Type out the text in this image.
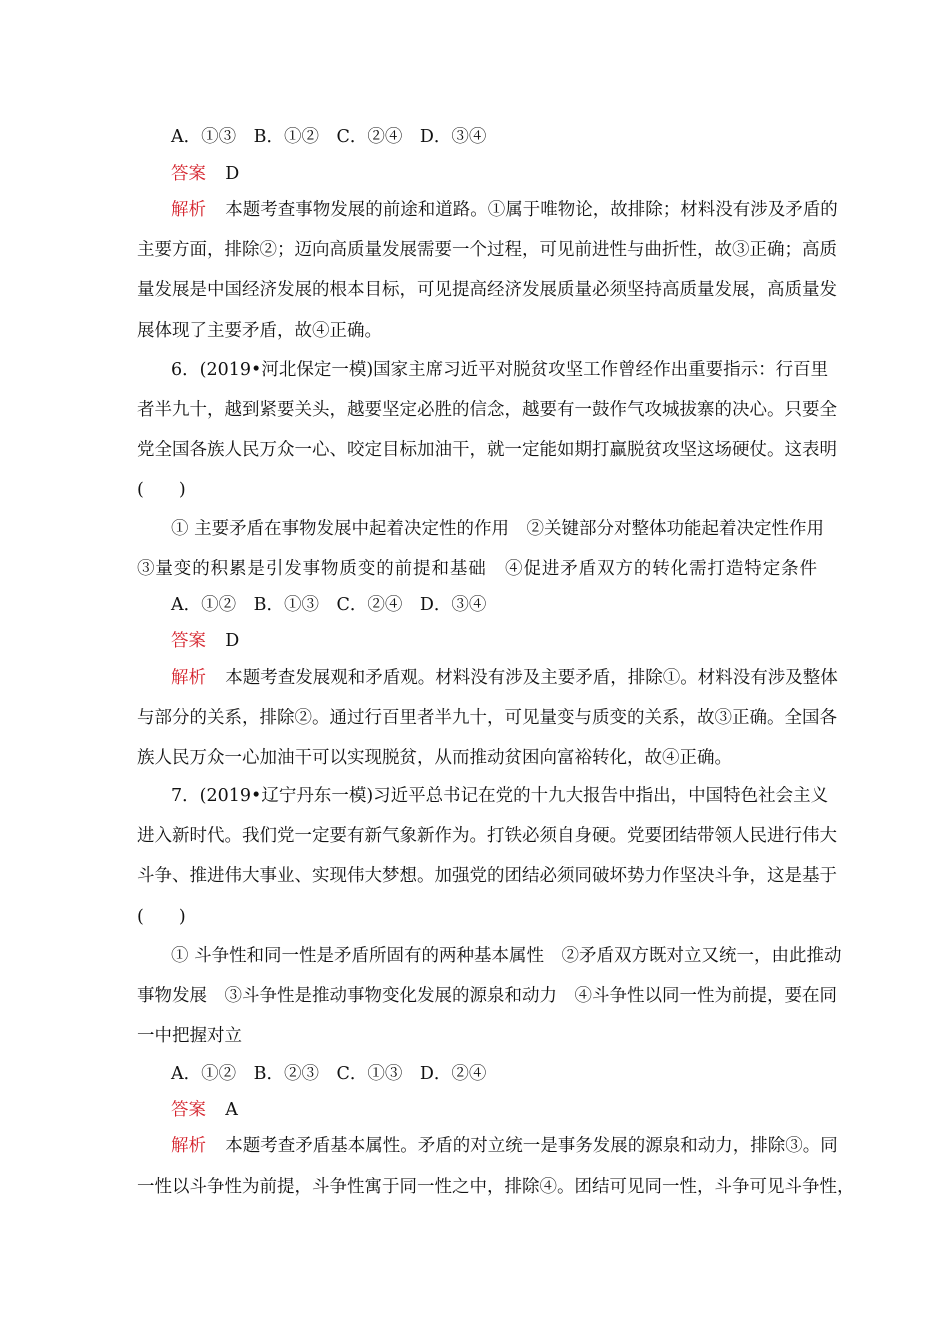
A．①③　B．①②　C．②④　D．③④
答案 D
解析 本题考查事物发展的前途和道路。①属于唯物论，故排除；材料没有涉及矛盾的
主要方面，排除②；迈向高质量发展需要一个过程，可见前进性与曲折性，故③正确；高质
量发展是中国经济发展的根本目标，可见提高经济发展质量必须坚持高质量发展，高质量发
展体现了主要矛盾，故④正确。
6．(2019•河北保定一模)国家主席习近平对脱贫攻坚工作曾经作出重要指示：行百里
者半九十，越到紧要关头，越要坚定必胜的信念，越要有一鼓作气攻城拔寨的决心。只要全
党全国各族人民万众一心、咬定目标加油干，就一定能如期打赢脱贫攻坚这场硬仗。这表明
(　　)
① 主要矛盾在事物发展中起着决定性的作用　②关键部分对整体功能起着决定性作用
③量变的积累是引发事物质变的前提和基础　④促进矛盾双方的转化需打造特定条件
A．①②　B．①③　C．②④　D．③④
答案 D
解析 本题考查发展观和矛盾观。材料没有涉及主要矛盾，排除①。材料没有涉及整体
与部分的关系，排除②。通过行百里者半九十，可见量变与质变的关系，故③正确。全国各
族人民万众一心加油干可以实现脱贫，从而推动贫困向富裕转化，故④正确。
7．(2019•辽宁丹东一模)习近平总书记在党的十九大报告中指出，中国特色社会主义
进入新时代。我们党一定要有新气象新作为。打铁必须自身硬。党要团结带领人民进行伟大
斗争、推进伟大事业、实现伟大梦想。加强党的团结必须同破坏势力作坚决斗争，这是基于
(　　)
① 斗争性和同一性是矛盾所固有的两种基本属性　②矛盾双方既对立又统一，由此推动
事物发展　③斗争性是推动事物变化发展的源泉和动力　④斗争性以同一性为前提，要在同
一中把握对立
A．①②　B．②③　C．①③　D．②④
答案 A
解析 本题考查矛盾基本属性。矛盾的对立统一是事务发展的源泉和动力，排除③。同
一性以斗争性为前提，斗争性寓于同一性之中，排除④。团结可见同一性，斗争可见斗争性，
